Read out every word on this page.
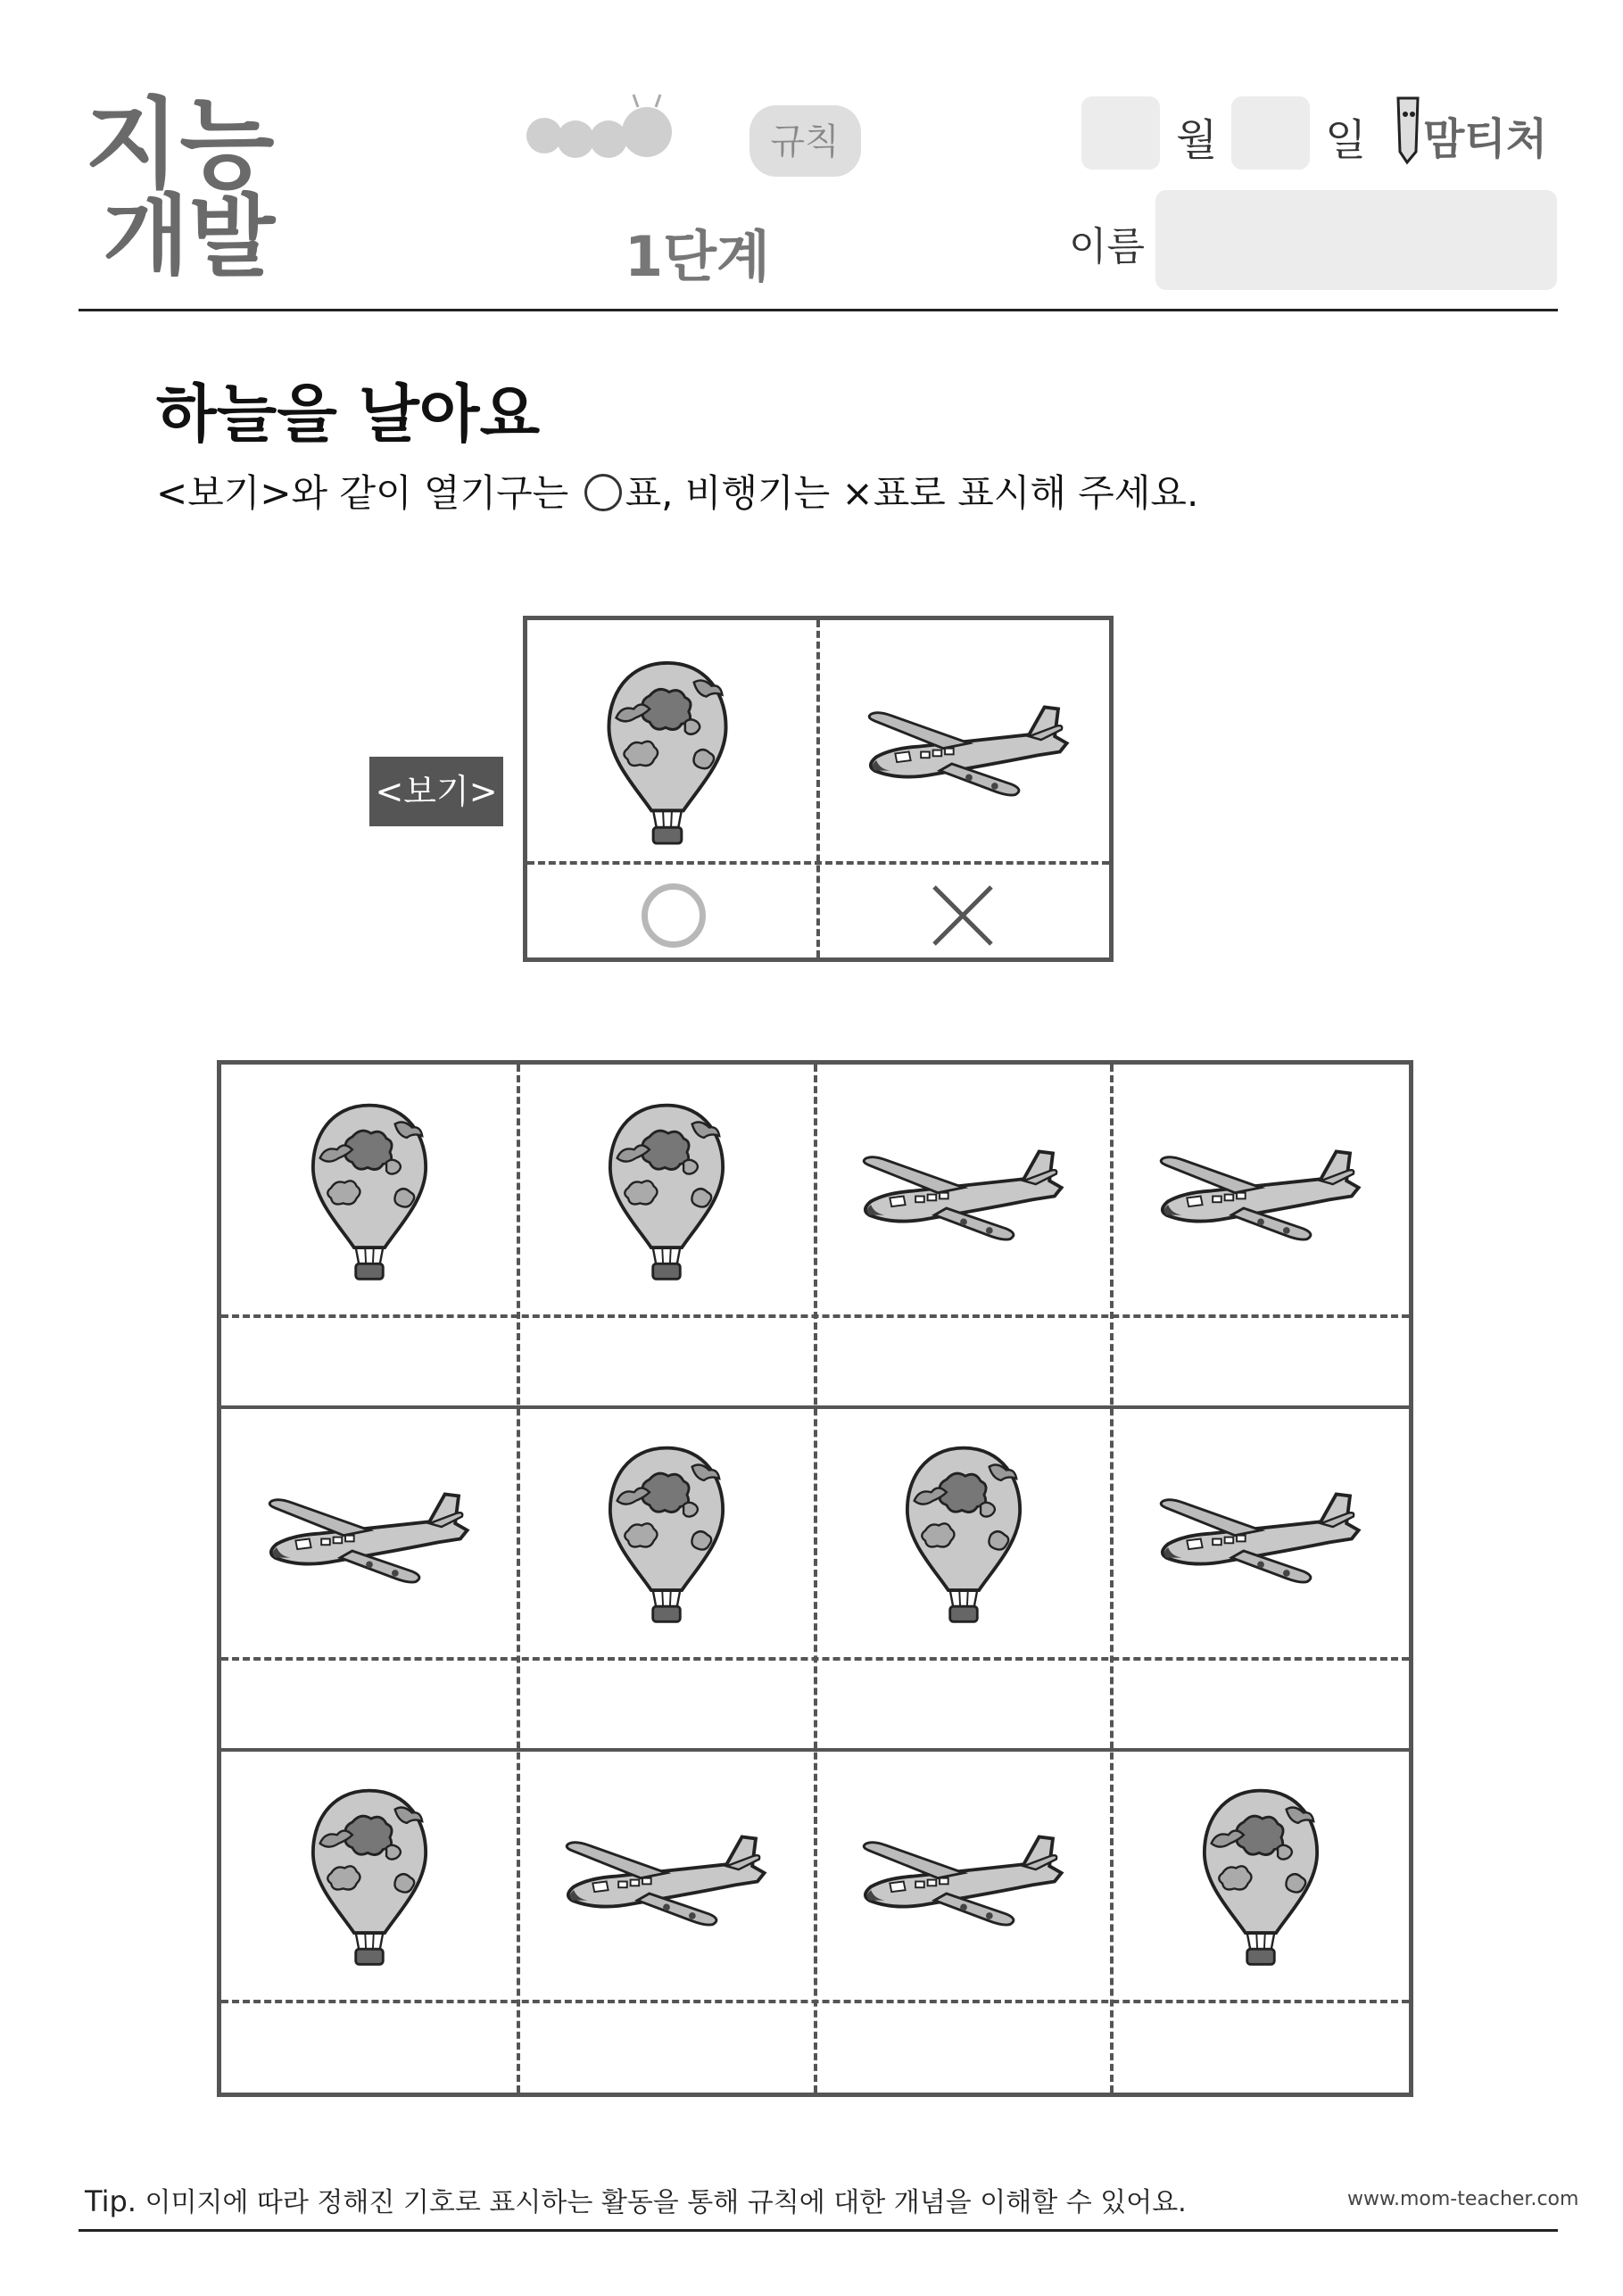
지능
개발
규칙
1단계
월	일 맘티처
이름
하늘을 날아요
<보기>와 같이 열기구는 표, 비행기는 ×표로 표시해 주세요.
<보기>
Tip. 이미지에 따라 정해진 기호로 표시하는 활동을 통해 규칙에 대한 개념을 이해할 수 있어요.	www.mom-teacher.com
